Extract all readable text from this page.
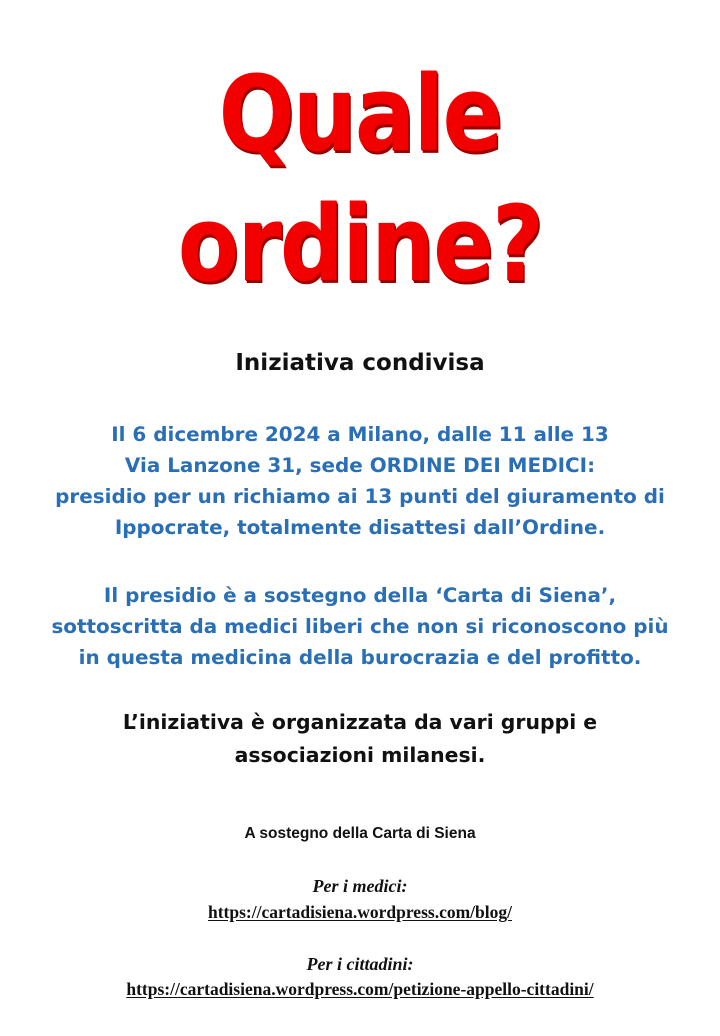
Quale
ordine?
Iniziativa condivisa
Il 6 dicembre 2024 a Milano, dalle 11 alle 13
Via Lanzone 31, sede ORDINE DEI MEDICI:
presidio per un richiamo ai 13 punti del giuramento di
Ippocrate, totalmente disattesi dall’Ordine.
Il presidio è a sostegno della ‘Carta di Siena’,
sottoscritta da medici liberi che non si riconoscono più
in questa medicina della burocrazia e del profitto.
L’iniziativa è organizzata da vari gruppi e
associazioni milanesi.
A sostegno della Carta di Siena
Per i medici:
https://cartadisiena.wordpress.com/blog/
Per i cittadini:
https://cartadisiena.wordpress.com/petizione-appello-cittadini/
